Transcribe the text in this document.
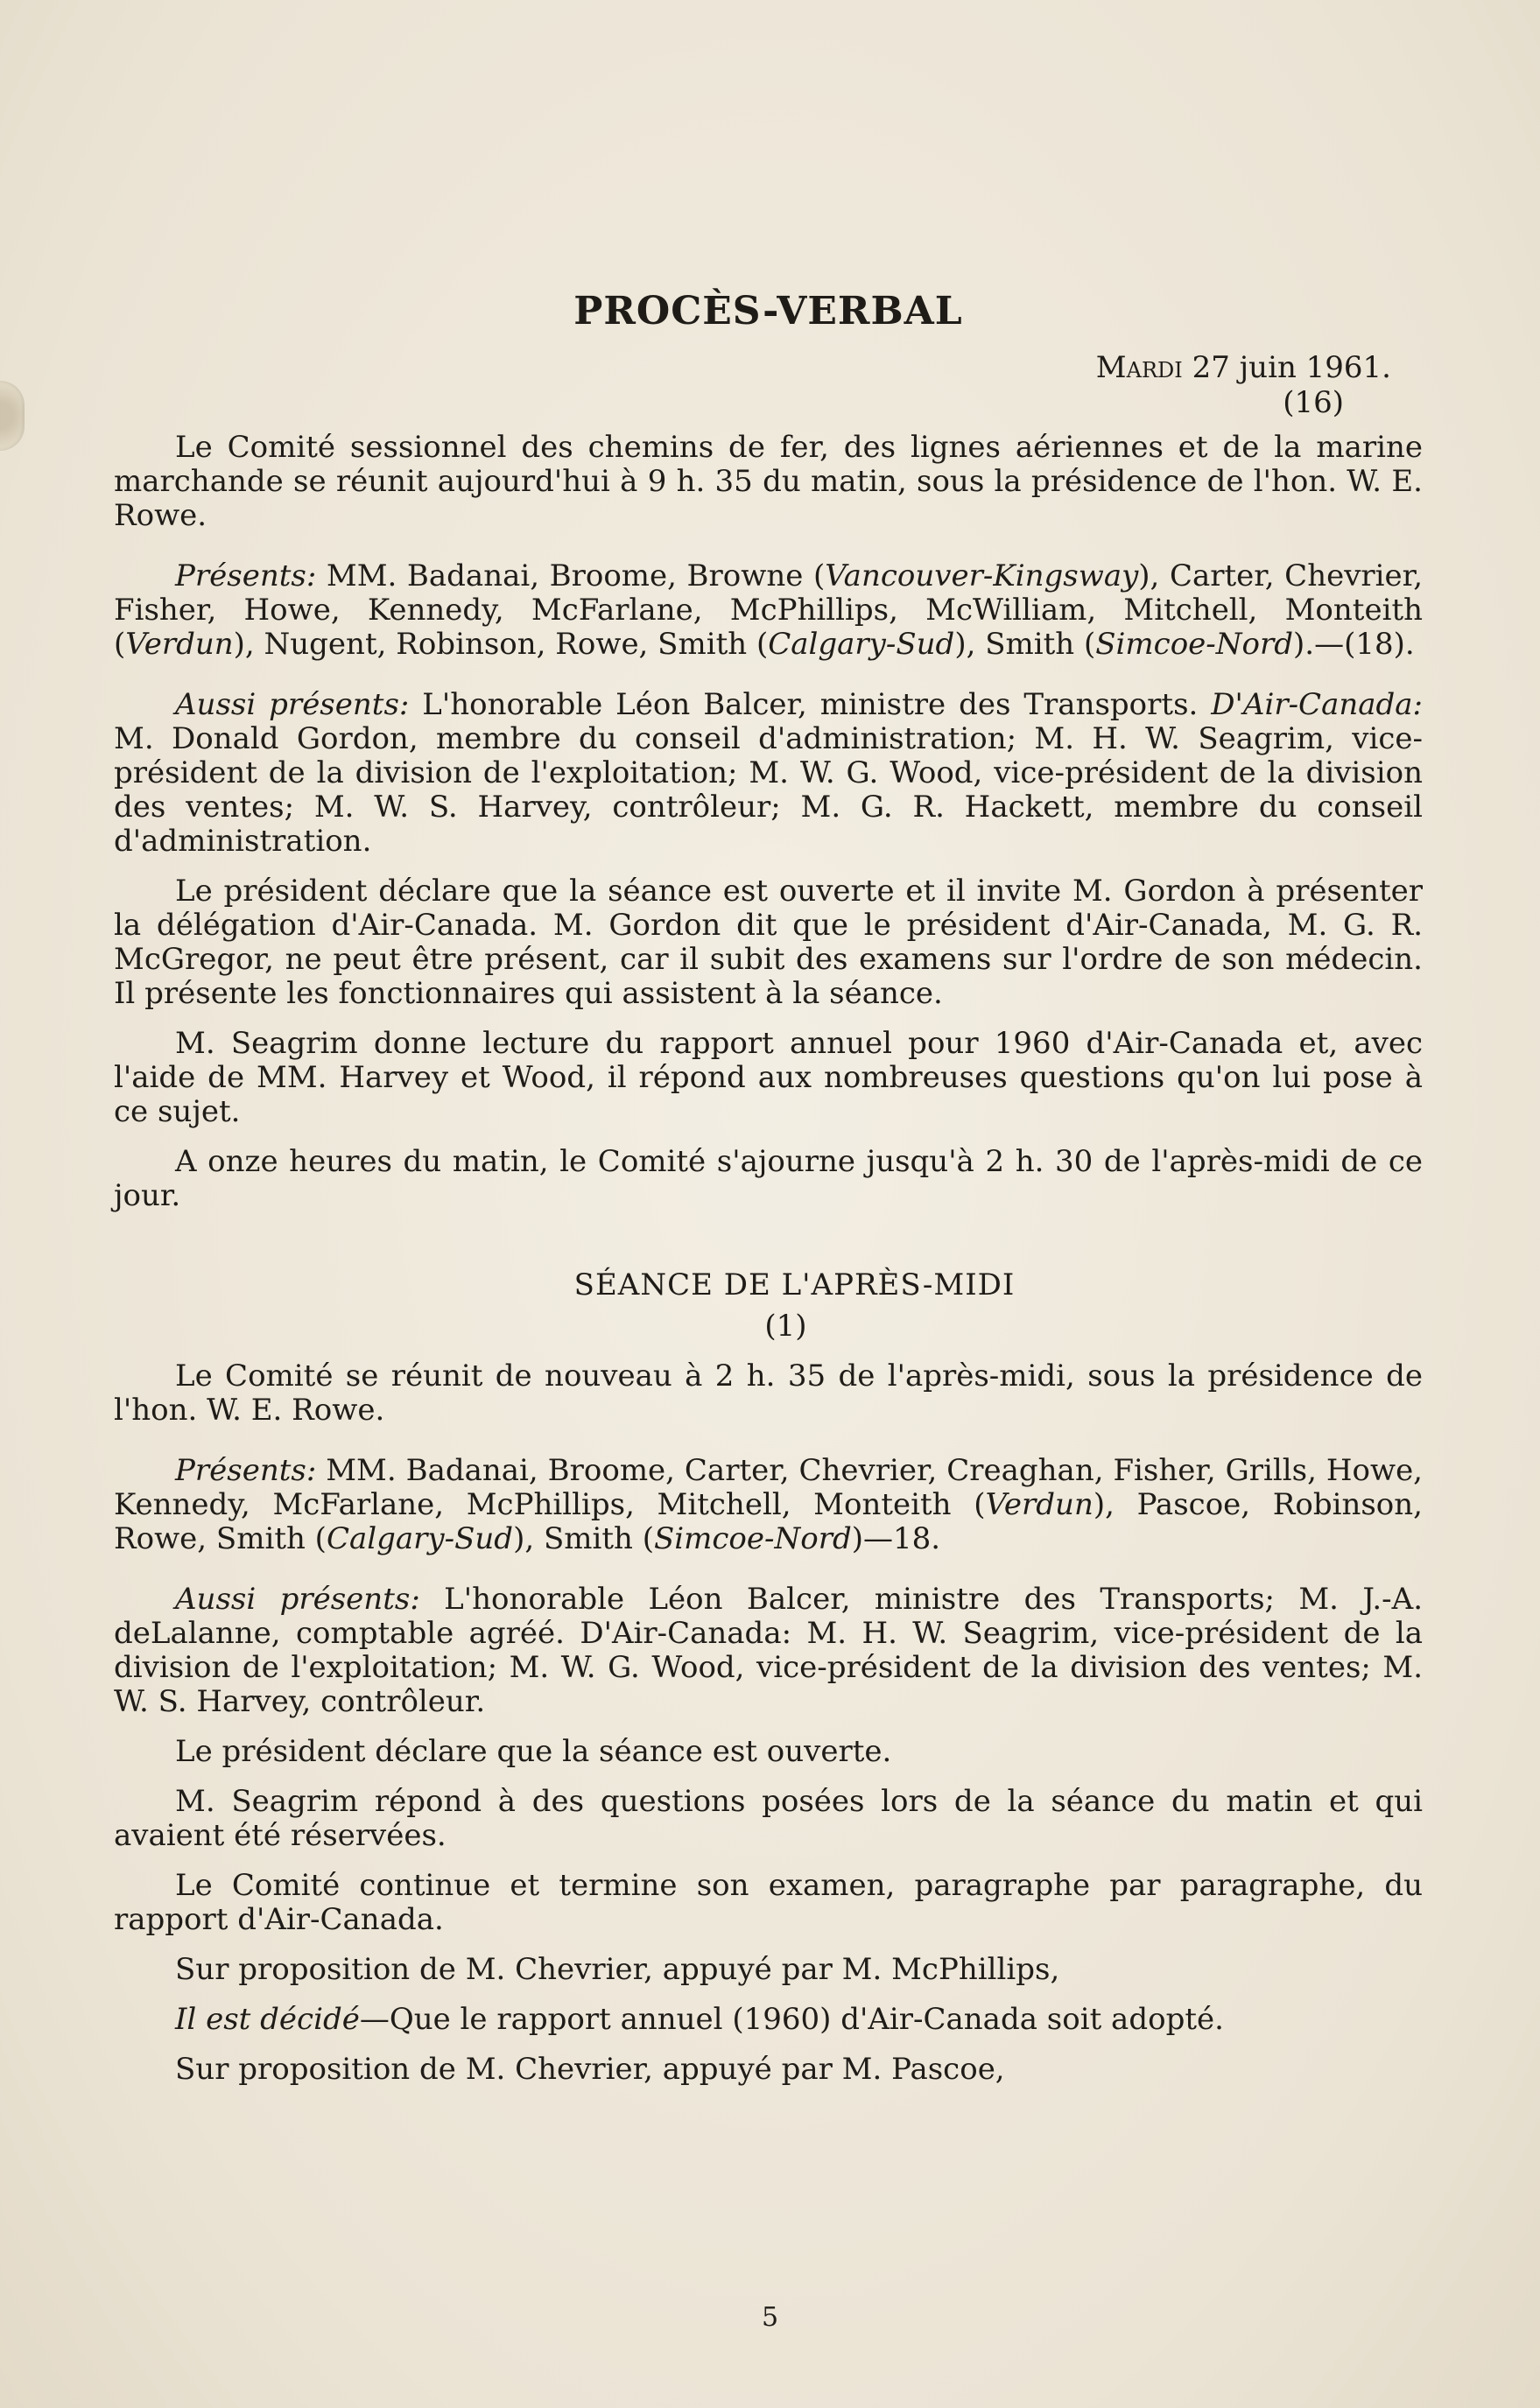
PROCÈS-VERBAL
Mardi 27 juin 1961.
(16)

Le Comité sessionnel des chemins de fer, des lignes aériennes et de la marine marchande se réunit aujourd'hui à 9 h. 35 du matin, sous la présidence de l'hon. W. E. Rowe.

Présents: MM. Badanai, Broome, Browne (Vancouver-Kingsway), Carter, Chevrier, Fisher, Howe, Kennedy, McFarlane, McPhillips, McWilliam, Mitchell, Monteith (Verdun), Nugent, Robinson, Rowe, Smith (Calgary-Sud), Smith (Simcoe-Nord).—(18).

Aussi présents: L'honorable Léon Balcer, ministre des Transports. D'Air-Canada: M. Donald Gordon, membre du conseil d'administration; M. H. W. Seagrim, vice-président de la division de l'exploitation; M. W. G. Wood, vice-président de la division des ventes; M. W. S. Harvey, contrôleur; M. G. R. Hackett, membre du conseil d'administration.

Le président déclare que la séance est ouverte et il invite M. Gordon à présenter la délégation d'Air-Canada. M. Gordon dit que le président d'Air-Canada, M. G. R. McGregor, ne peut être présent, car il subit des examens sur l'ordre de son médecin. Il présente les fonctionnaires qui assistent à la séance.

M. Seagrim donne lecture du rapport annuel pour 1960 d'Air-Canada et, avec l'aide de MM. Harvey et Wood, il répond aux nombreuses questions qu'on lui pose à ce sujet.

A onze heures du matin, le Comité s'ajourne jusqu'à 2 h. 30 de l'après-midi de ce jour.

SÉANCE DE L'APRÈS-MIDI
(1)

Le Comité se réunit de nouveau à 2 h. 35 de l'après-midi, sous la présidence de l'hon. W. E. Rowe.

Présents: MM. Badanai, Broome, Carter, Chevrier, Creaghan, Fisher, Grills, Howe, Kennedy, McFarlane, McPhillips, Mitchell, Monteith (Verdun), Pascoe, Robinson, Rowe, Smith (Calgary-Sud), Smith (Simcoe-Nord)—18.

Aussi présents: L'honorable Léon Balcer, ministre des Transports; M. J.-A. deLalanne, comptable agréé. D'Air-Canada: M. H. W. Seagrim, vice-président de la division de l'exploitation; M. W. G. Wood, vice-président de la division des ventes; M. W. S. Harvey, contrôleur.

Le président déclare que la séance est ouverte.

M. Seagrim répond à des questions posées lors de la séance du matin et qui avaient été réservées.

Le Comité continue et termine son examen, paragraphe par paragraphe, du rapport d'Air-Canada.

Sur proposition de M. Chevrier, appuyé par M. McPhillips,

Il est décidé—Que le rapport annuel (1960) d'Air-Canada soit adopté.

Sur proposition de M. Chevrier, appuyé par M. Pascoe,

5
